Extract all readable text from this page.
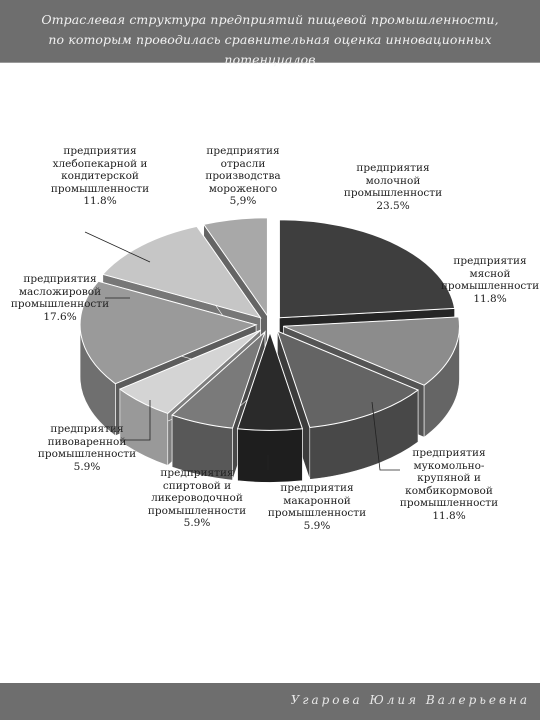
Отраслевая структура предприятий пищевой промышленности,
по которым проводилась сравнительная оценка инновационных потенциалов
предприятия
молочной
промышленности
23.5%
предприятия
мясной
промышленности
11.8%
предприятия
мукомольно-
крупяной и
комбикормовой
промышленности
11.8%
предприятия
макаронной
промышленности
5.9%
предприятия
спиртовой и
ликероводочной
промышленности
5.9%
предприятия
пивоваренной
промышленности
5.9%
предприятия
масложировой
промышленности
17.6%
предприятия
хлебопекарной и
кондитерской
промышленности
11.8%
предприятия
отрасли
производства
мороженого
5,9%
Угарова Юлия Валерьевна
